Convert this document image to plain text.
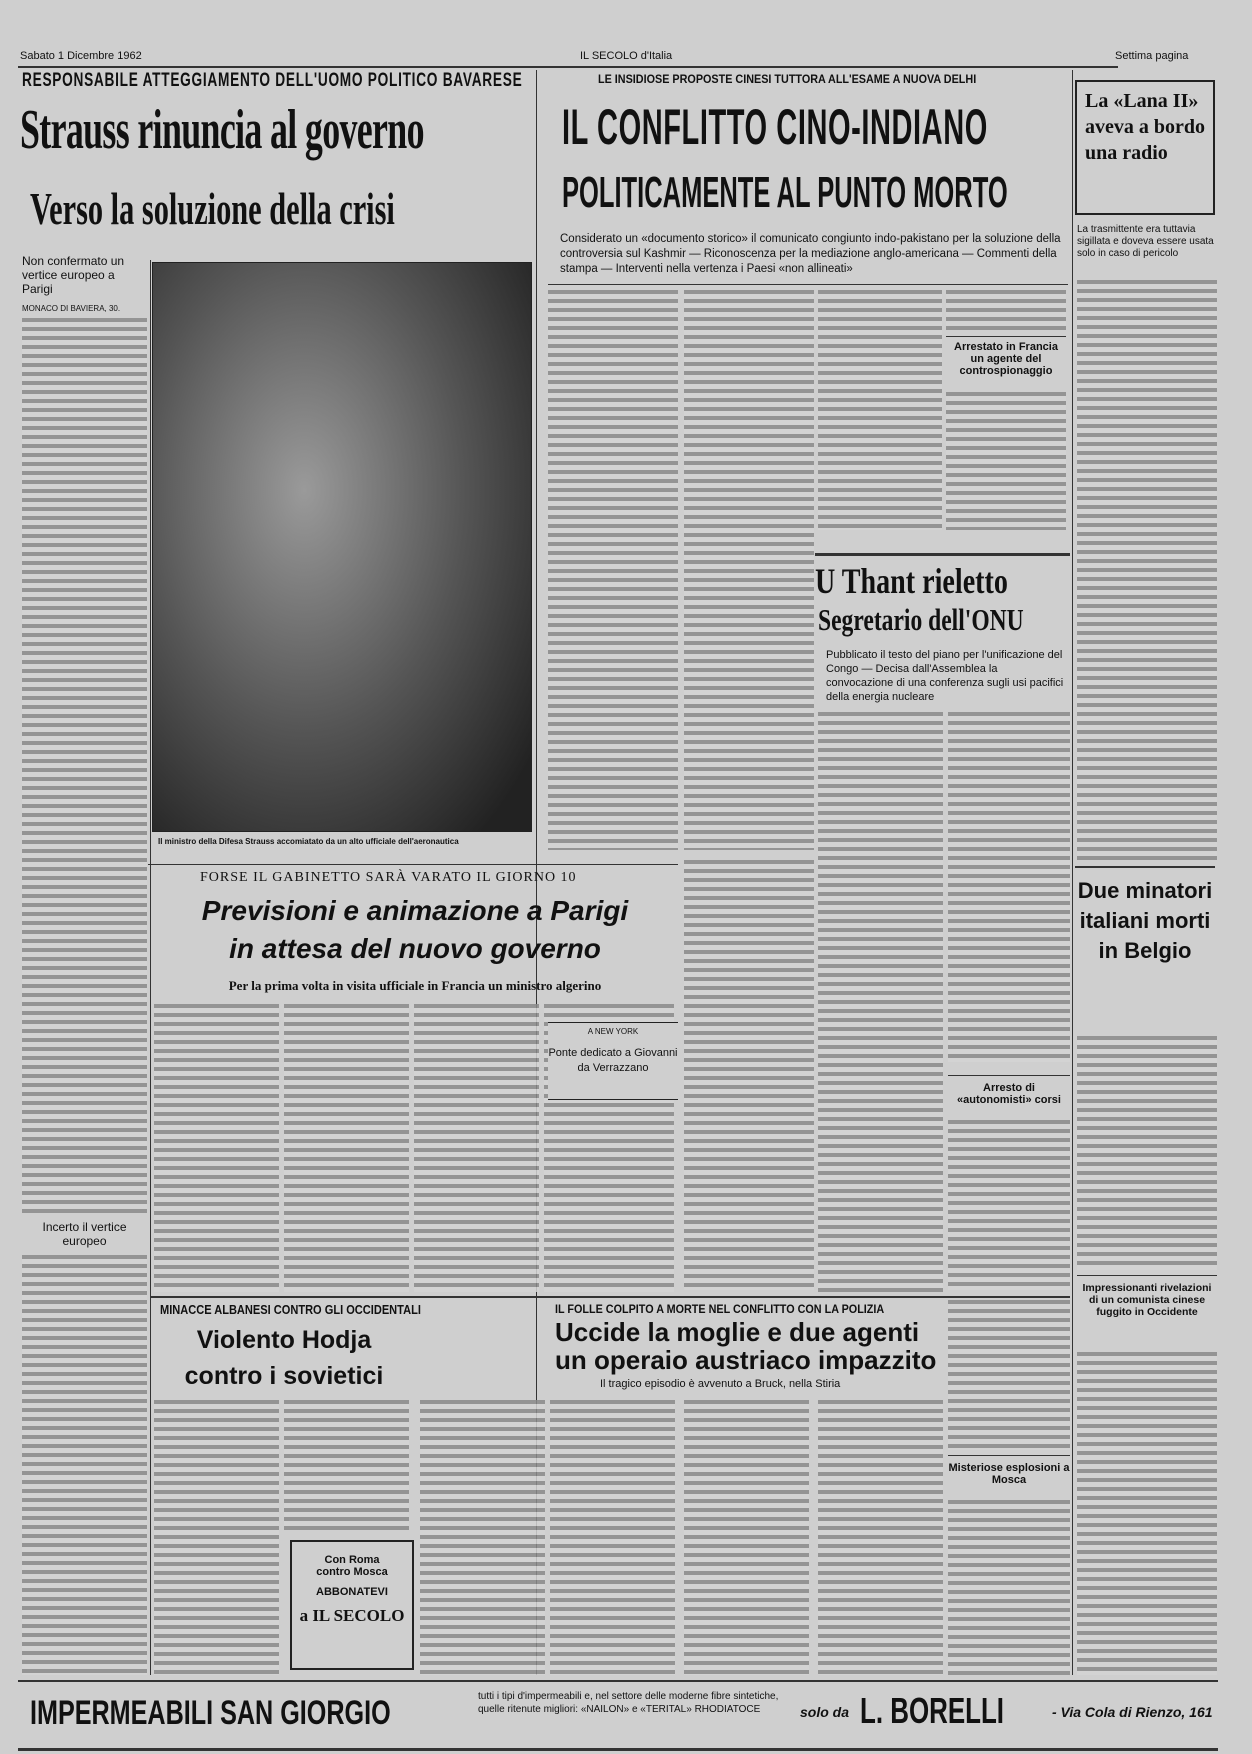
Sabato 1 Dicembre 1962	IL SECOLO d'Italia	Settima pagina
RESPONSABILE ATTEGGIAMENTO DELL'UOMO POLITICO BAVARESE
Strauss rinuncia al governo
Verso la soluzione della crisi
Non confermato un vertice europeo a Parigi
MONACO DI BAVIERA, 30.
Il ministro della Difesa Strauss accomiatato da un alto ufficiale dell'aeronautica
Incerto il vertice europeo
LE INSIDIOSE PROPOSTE CINESI TUTTORA ALL'ESAME A NUOVA DELHI
IL CONFLITTO CINO-INDIANO
POLITICAMENTE AL PUNTO MORTO
Considerato un «documento storico» il comunicato congiunto indo-pakistano per la soluzione della controversia sul Kashmir — Riconoscenza per la mediazione anglo-americana — Commenti della stampa — Interventi nella vertenza i Paesi «non allineati»
Arrestato in Francia un agente del controspionaggio
U Thant rieletto
Segretario dell'ONU
Pubblicato il testo del piano per l'unificazione del Congo — Decisa dall'Assemblea la convocazione di una conferenza sugli usi pacifici della energia nucleare
FORSE IL GABINETTO SARÀ VARATO IL GIORNO 10
Previsioni e animazione a Parigi
in attesa del nuovo governo
Per la prima volta in visita ufficiale in Francia un ministro algerino
A NEW YORK
Ponte dedicato a Giovanni da Verrazzano
MINACCE ALBANESI CONTRO GLI OCCIDENTALI
Violento Hodja
contro i sovietici
Con Roma
contro Mosca
ABBONATEVI
a IL SECOLO
IL FOLLE COLPITO A MORTE NEL CONFLITTO CON LA POLIZIA
Uccide la moglie e due agenti
un operaio austriaco impazzito
Il tragico episodio è avvenuto a Bruck, nella Stiria
Arresto di «autonomisti» corsi
Misteriose esplosioni a Mosca
La «Lana II» aveva a bordo una radio
La trasmittente era tuttavia sigillata e doveva essere usata solo in caso di pericolo
Due minatori italiani morti in Belgio
Impressionanti rivelazioni di un comunista cinese fuggito in Occidente
IMPERMEABILI SAN GIORGIO	tutti i tipi d'impermeabili e, nel settore delle moderne fibre sintetiche, quelle ritenute migliori: «NAILON» e «TERITAL» RHODIATOCE	solo da L. BORELLI	- Via Cola di Rienzo, 161
